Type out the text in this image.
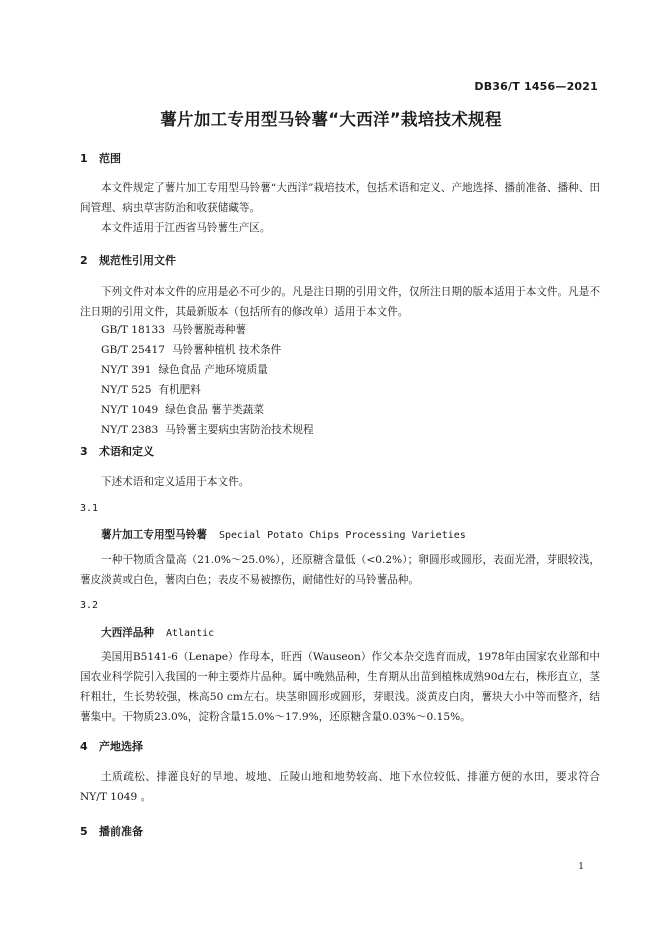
DB36/T 1456—2021
薯片加工专用型马铃薯“大西洋”栽培技术规程
1 范围

本文件规定了薯片加工专用型马铃薯“大西洋”栽培技术，包括术语和定义、产地选择、播前准备、播种、田间管理、病虫草害防治和收获储藏等。

本文件适用于江西省马铃薯生产区。

2 规范性引用文件

下列文件对本文件的应用是必不可少的。凡是注日期的引用文件，仅所注日期的版本适用于本文件。凡是不注日期的引用文件，其最新版本（包括所有的修改单）适用于本文件。

GB/T 18133 马铃薯脱毒种薯
GB/T 25417 马铃薯种植机 技术条件
NY/T 391 绿色食品 产地环境质量
NY/T 525 有机肥料
NY/T 1049 绿色食品 薯芋类蔬菜
NY/T 2383 马铃薯主要病虫害防治技术规程
3 术语和定义

下述术语和定义适用于本文件。

3.1
薯片加工专用型马铃薯 Special Potato Chips Processing Varieties

一种干物质含量高（21.0%～25.0%），还原糖含量低（<0.2%）；卵圆形或圆形，表面光滑，芽眼较浅，薯皮淡黄或白色，薯肉白色；表皮不易被擦伤，耐储性好的马铃薯品种。

3.2
大西洋品种 Atlantic

美国用B5141-6（Lenape）作母本，旺西（Wauseon）作父本杂交选育而成，1978年由国家农业部和中国农业科学院引入我国的一种主要炸片品种。属中晚熟品种，生育期从出苗到植株成熟90d左右，株形直立，茎秆粗壮，生长势较强，株高50 cm左右。块茎卵圆形或圆形，芽眼浅。淡黄皮白肉，薯块大小中等而整齐，结薯集中。干物质23.0%，淀粉含量15.0%～17.9%，还原糖含量0.03%～0.15%。

4 产地选择

土质疏松、排灌良好的旱地、坡地、丘陵山地和地势较高、地下水位较低、排灌方便的水田，要求符合 NY/T 1049 。

5 播前准备
1
